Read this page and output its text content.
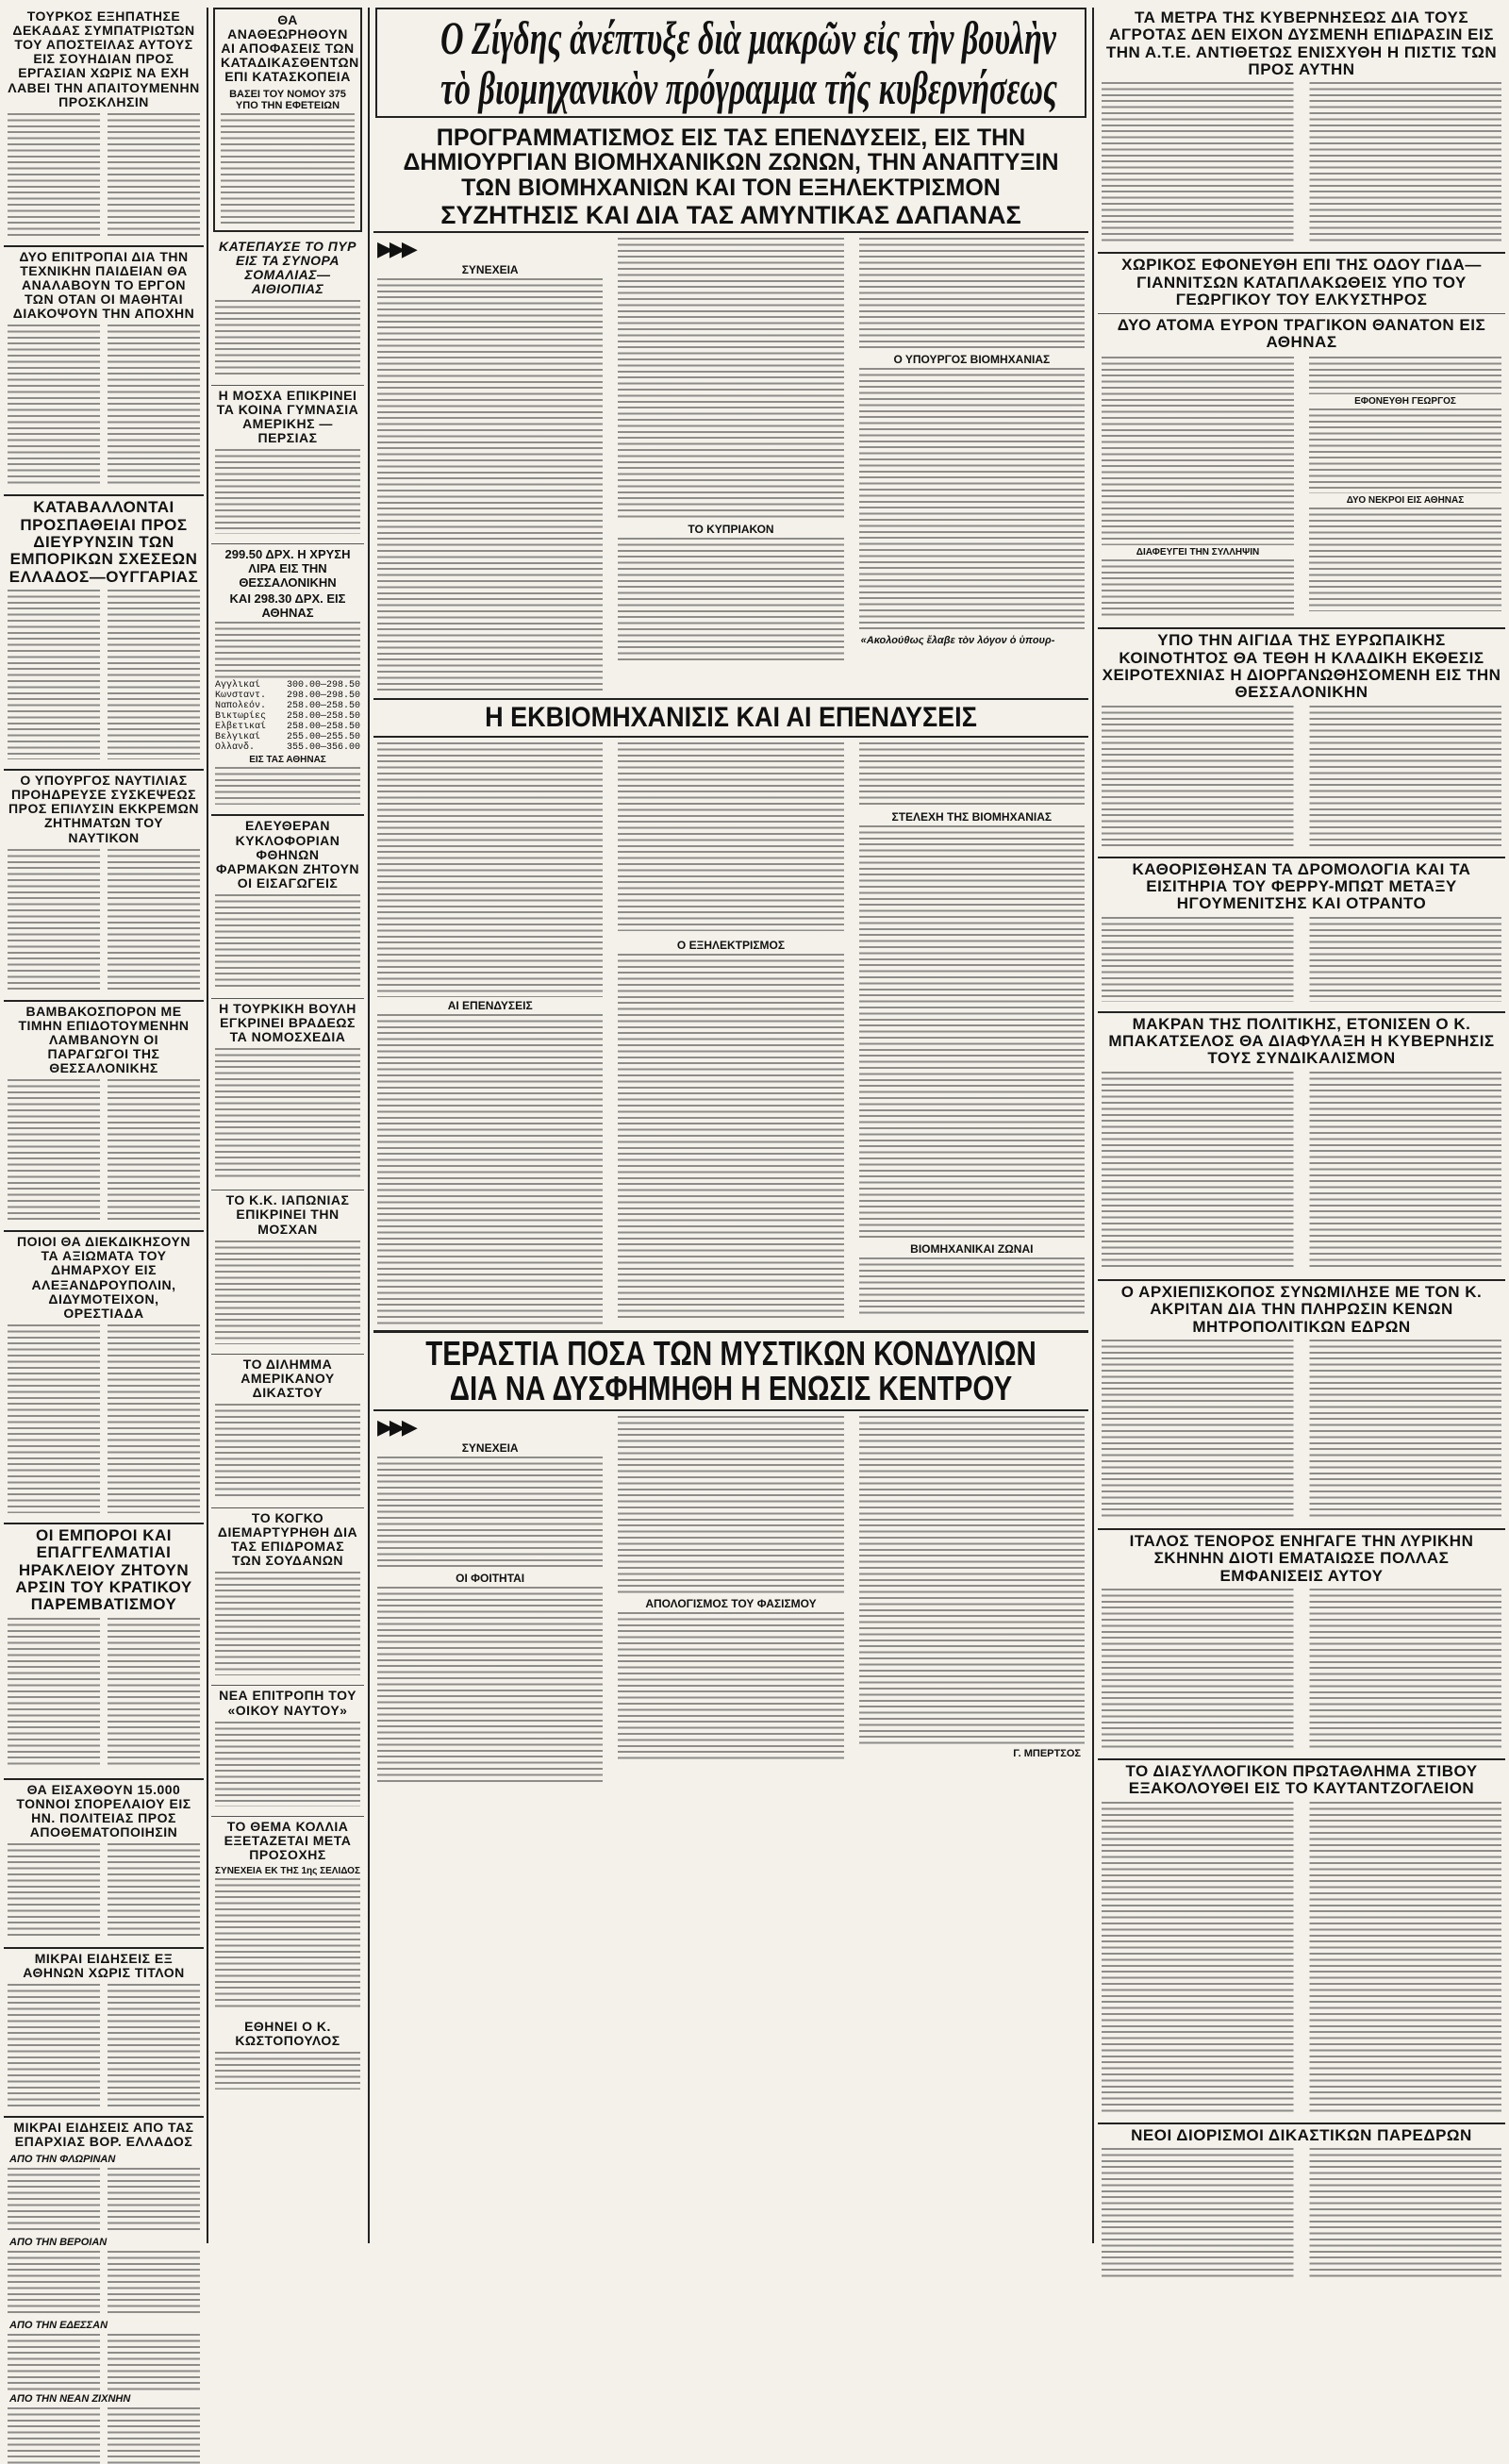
ΤΟΥΡΚΟΣ ΕΞΗΠΑΤΗΣΕ ΔΕΚΑΔΑΣ ΣΥΜΠΑΤΡΙΩΤΩΝ ΤΟΥ ΑΠΟΣΤΕΙΛΑΣ ΑΥΤΟΥΣ ΕΙΣ ΣΟΥΗΔΙΑΝ ΠΡΟΣ ΕΡΓΑΣΙΑΝ ΧΩΡΙΣ ΝΑ ΕΧΗ ΛΑΒΕΙ ΤΗΝ ΑΠΑΙΤΟΥΜΕΝΗΝ ΠΡΟΣΚΛΗΣΙΝ
ΔΥΟ ΕΠΙΤΡΟΠΑΙ ΔΙΑ ΤΗΝ ΤΕΧΝΙΚΗΝ ΠΑΙΔΕΙΑΝ ΘΑ ΑΝΑΛΑΒΟΥΝ ΤΟ ΕΡΓΟΝ ΤΩΝ ΟΤΑΝ ΟΙ ΜΑΘΗΤΑΙ ΔΙΑΚΟΨΟΥΝ ΤΗΝ ΑΠΟΧΗΝ
ΚΑΤΑΒΑΛΛΟΝΤΑΙ ΠΡΟΣΠΑΘΕΙΑΙ ΠΡΟΣ ΔΙΕΥΡΥΝΣΙΝ ΤΩΝ ΕΜΠΟΡΙΚΩΝ ΣΧΕΣΕΩΝ ΕΛΛΑΔΟΣ—ΟΥΓΓΑΡΙΑΣ
Ο ΥΠΟΥΡΓΟΣ ΝΑΥΤΙΛΙΑΣ ΠΡΟΗΔΡΕΥΣΕ ΣΥΣΚΕΨΕΩΣ ΠΡΟΣ ΕΠΙΛΥΣΙΝ ΕΚΚΡΕΜΩΝ ΖΗΤΗΜΑΤΩΝ ΤΟΥ ΝΑΥΤΙΚΟΝ
ΒΑΜΒΑΚΟΣΠΟΡΟΝ ΜΕ ΤΙΜΗΝ ΕΠΙΔΟΤΟΥΜΕΝΗΝ ΛΑΜΒΑΝΟΥΝ ΟΙ ΠΑΡΑΓΩΓΟΙ ΤΗΣ ΘΕΣΣΑΛΟΝΙΚΗΣ
ΠΟΙΟΙ ΘΑ ΔΙΕΚΔΙΚΗΣΟΥΝ ΤΑ ΑΞΙΩΜΑΤΑ ΤΟΥ ΔΗΜΑΡΧΟΥ ΕΙΣ ΑΛΕΞΑΝΔΡΟΥΠΟΛΙΝ, ΔΙΔΥΜΟΤΕΙΧΟΝ, ΟΡΕΣΤΙΑΔΑ
ΟΙ ΕΜΠΟΡΟΙ ΚΑΙ ΕΠΑΓΓΕΛΜΑΤΙΑΙ ΗΡΑΚΛΕΙΟΥ ΖΗΤΟΥΝ ΑΡΣΙΝ ΤΟΥ ΚΡΑΤΙΚΟΥ ΠΑΡΕΜΒΑΤΙΣΜΟΥ
ΘΑ ΕΙΣΑΧΘΟΥΝ 15.000 ΤΟΝΝΟΙ ΣΠΟΡΕΛΑΙΟΥ ΕΙΣ ΗΝ. ΠΟΛΙΤΕΙΑΣ ΠΡΟΣ ΑΠΟΘΕΜΑΤΟΠΟΙΗΣΙΝ
ΜΙΚΡΑΙ ΕΙΔΗΣΕΙΣ ΕΞ ΑΘΗΝΩΝ ΧΩΡΙΣ ΤΙΤΛΟΝ
ΜΙΚΡΑΙ ΕΙΔΗΣΕΙΣ ΑΠΟ ΤΑΣ ΕΠΑΡΧΙΑΣ ΒΟΡ. ΕΛΛΑΔΟΣ
ΑΠΟ ΤΗΝ ΦΛΩΡΙΝΑΝ
ΑΠΟ ΤΗΝ ΒΕΡΟΙΑΝ
ΑΠΟ ΤΗΝ ΕΔΕΣΣΑΝ
ΑΠΟ ΤΗΝ ΝΕΑΝ ΖΙΧΝΗΝ
ΘΑ ΑΝΑΘΕΩΡΗΘΟΥΝ ΑΙ ΑΠΟΦΑΣΕΙΣ ΤΩΝ ΚΑΤΑΔΙΚΑΣΘΕΝΤΩΝ ΕΠΙ ΚΑΤΑΣΚΟΠΕΙΑ
ΒΑΣΕΙ ΤΟΥ ΝΟΜΟΥ 375 ΥΠΟ ΤΗΝ ΕΦΕΤΕΙΩΝ
ΚΑΤΕΠΑΥΣΕ ΤΟ ΠΥΡ ΕΙΣ ΤΑ ΣΥΝΟΡΑ ΣΟΜΑΛΙΑΣ—ΑΙΘΙΟΠΙΑΣ
Η ΜΟΣΧΑ ΕΠΙΚΡΙΝΕΙ ΤΑ ΚΟΙΝΑ ΓΥΜΝΑΣΙΑ ΑΜΕΡΙΚΗΣ — ΠΕΡΣΙΑΣ
299.50 ΔΡΧ. Η ΧΡΥΣΗ ΛΙΡΑ ΕΙΣ ΤΗΝ ΘΕΣΣΑΛΟΝΙΚΗΝ
ΚΑΙ 298.30 ΔΡΧ. ΕΙΣ ΑΘΗΝΑΣ
Αγγλικαί	300.00—298.50
Κωνσταντ.	298.00—298.50
Ναπολεόν.	258.00—258.50
Βικτωρίες	258.00—258.50
Ελβετικαί	258.00—258.50
Βελγικαί	255.00—255.50
Ολλανδ.	355.00—356.00
ΕΙΣ ΤΑΣ ΑΘΗΝΑΣ
ΕΛΕΥΘΕΡΑΝ ΚΥΚΛΟΦΟΡΙΑΝ ΦΘΗΝΩΝ ΦΑΡΜΑΚΩΝ ΖΗΤΟΥΝ ΟΙ ΕΙΣΑΓΩΓΕΙΣ
Η ΤΟΥΡΚΙΚΗ ΒΟΥΛΗ ΕΓΚΡΙΝΕΙ ΒΡΑΔΕΩΣ ΤΑ ΝΟΜΟΣΧΕΔΙΑ
ΤΟ Κ.Κ. ΙΑΠΩΝΙΑΣ ΕΠΙΚΡΙΝΕΙ ΤΗΝ ΜΟΣΧΑΝ
ΤΟ ΔΙΛΗΜΜΑ ΑΜΕΡΙΚΑΝΟΥ ΔΙΚΑΣΤΟΥ
ΤΟ ΚΟΓΚΟ ΔΙΕΜΑΡΤΥΡΗΘΗ ΔΙΑ ΤΑΣ ΕΠΙΔΡΟΜΑΣ ΤΩΝ ΣΟΥΔΑΝΩΝ
ΝΕΑ ΕΠΙΤΡΟΠΗ ΤΟΥ «ΟΙΚΟΥ ΝΑΥΤΟΥ»
ΤΟ ΘΕΜΑ ΚΟΛΛΙΑ ΕΞΕΤΑΖΕΤΑΙ ΜΕΤΑ ΠΡΟΣΟΧΗΣ
ΣΥΝΕΧΕΙΑ ΕΚ ΤΗΣ 1ης ΣΕΛΙΔΟΣ
ΕΘΗΝΕΙ Ο Κ. ΚΩΣΤΟΠΟΥΛΟΣ
Ο Ζίγδης ἀνέπτυξε διὰ μακρῶν εἰς τὴν βουλὴν
τὸ βιομηχανικὸν πρόγραμμα τῆς κυβερνήσεως
ΠΡΟΓΡΑΜΜΑΤΙΣΜΟΣ ΕΙΣ ΤΑΣ ΕΠΕΝΔΥΣΕΙΣ, ΕΙΣ ΤΗΝ ΔΗΜΙΟΥΡΓΙΑΝ ΒΙΟΜΗΧΑΝΙΚΩΝ ΖΩΝΩΝ, ΤΗΝ ΑΝΑΠΤΥΞΙΝ ΤΩΝ ΒΙΟΜΗΧΑΝΙΩΝ ΚΑΙ ΤΟΝ ΕΞΗΛΕΚΤΡΙΣΜΟΝ
ΣΥΖΗΤΗΣΙΣ ΚΑΙ ΔΙΑ ΤΑΣ ΑΜΥΝΤΙΚΑΣ ΔΑΠΑΝΑΣ
▶▶▶
ΣΥΝΕΧΕΙΑ
ΤΟ ΚΥΠΡΙΑΚΟΝ
Ο ΥΠΟΥΡΓΟΣ ΒΙΟΜΗΧΑΝΙΑΣ
«Ακολούθως ἔλαβε τὸν λόγον ὁ ὑπουρ-
Η ΕΚΒΙΟΜΗΧΑΝΙΣΙΣ ΚΑΙ ΑΙ ΕΠΕΝΔΥΣΕΙΣ
ΑΙ ΕΠΕΝΔΥΣΕΙΣ
Ο ΕΞΗΛΕΚΤΡΙΣΜΟΣ
ΣΤΕΛΕΧΗ ΤΗΣ ΒΙΟΜΗΧΑΝΙΑΣ
ΒΙΟΜΗΧΑΝΙΚΑΙ ΖΩΝΑΙ
ΤΕΡΑΣΤΙΑ ΠΟΣΑ ΤΩΝ ΜΥΣΤΙΚΩΝ ΚΟΝΔΥΛΙΩΝ
ΔΙΑ ΝΑ ΔΥΣΦΗΜΗΘΗ Η ΕΝΩΣΙΣ ΚΕΝΤΡΟΥ
▶▶▶
ΣΥΝΕΧΕΙΑ
ΟΙ ΦΟΙΤΗΤΑΙ
ΑΠΟΛΟΓΙΣΜΟΣ ΤΟΥ ΦΑΣΙΣΜΟΥ
Γ. ΜΠΕΡΤΣΟΣ
ΤΑ ΜΕΤΡΑ ΤΗΣ ΚΥΒΕΡΝΗΣΕΩΣ ΔΙΑ ΤΟΥΣ ΑΓΡΟΤΑΣ ΔΕΝ ΕΙΧΟΝ ΔΥΣΜΕΝΗ ΕΠΙΔΡΑΣΙΝ ΕΙΣ ΤΗΝ Α.Τ.Ε. ΑΝΤΙΘΕΤΩΣ ΕΝΙΣΧΥΘΗ Η ΠΙΣΤΙΣ ΤΩΝ ΠΡΟΣ ΑΥΤΗΝ
ΧΩΡΙΚΟΣ ΕΦΟΝΕΥΘΗ ΕΠΙ ΤΗΣ ΟΔΟΥ ΓΙΔΑ—ΓΙΑΝΝΙΤΣΩΝ ΚΑΤΑΠΛΑΚΩΘΕΙΣ ΥΠΟ ΤΟΥ ΓΕΩΡΓΙΚΟΥ ΤΟΥ ΕΛΚΥΣΤΗΡΟΣ
ΔΥΟ ΑΤΟΜΑ ΕΥΡΟΝ ΤΡΑΓΙΚΟΝ ΘΑΝΑΤΟΝ ΕΙΣ ΑΘΗΝΑΣ
ΔΙΑΦΕΥΓΕΙ ΤΗΝ ΣΥΛΛΗΨΙΝ
ΕΦΟΝΕΥΘΗ ΓΕΩΡΓΟΣ
ΔΥΟ ΝΕΚΡΟΙ ΕΙΣ ΑΘΗΝΑΣ
ΥΠΟ ΤΗΝ ΑΙΓΙΔΑ ΤΗΣ ΕΥΡΩΠΑΙΚΗΣ ΚΟΙΝΟΤΗΤΟΣ ΘΑ ΤΕΘΗ Η ΚΛΑΔΙΚΗ ΕΚΘΕΣΙΣ ΧΕΙΡΟΤΕΧΝΙΑΣ Η ΔΙΟΡΓΑΝΩΘΗΣΟΜΕΝΗ ΕΙΣ ΤΗΝ ΘΕΣΣΑΛΟΝΙΚΗΝ
ΚΑΘΟΡΙΣΘΗΣΑΝ ΤΑ ΔΡΟΜΟΛΟΓΙΑ ΚΑΙ ΤΑ ΕΙΣΙΤΗΡΙΑ ΤΟΥ ΦΕΡΡΥ-ΜΠΩΤ ΜΕΤΑΞΥ ΗΓΟΥΜΕΝΙΤΣΗΣ ΚΑΙ ΟΤΡΑΝΤΟ
ΜΑΚΡΑΝ ΤΗΣ ΠΟΛΙΤΙΚΗΣ, ΕΤΟΝΙΣΕΝ Ο Κ. ΜΠΑΚΑΤΣΕΛΟΣ ΘΑ ΔΙΑΦΥΛΑΞΗ Η ΚΥΒΕΡΝΗΣΙΣ ΤΟΥΣ ΣΥΝΔΙΚΑΛΙΣΜΟΝ
Ο ΑΡΧΙΕΠΙΣΚΟΠΟΣ ΣΥΝΩΜΙΛΗΣΕ ΜΕ ΤΟΝ Κ. ΑΚΡΙΤΑΝ ΔΙΑ ΤΗΝ ΠΛΗΡΩΣΙΝ ΚΕΝΩΝ ΜΗΤΡΟΠΟΛΙΤΙΚΩΝ ΕΔΡΩΝ
ΙΤΑΛΟΣ ΤΕΝΟΡΟΣ ΕΝΗΓΑΓΕ ΤΗΝ ΛΥΡΙΚΗΝ ΣΚΗΝΗΝ ΔΙΟΤΙ ΕΜΑΤΑΙΩΣΕ ΠΟΛΛΑΣ ΕΜΦΑΝΙΣΕΙΣ ΑΥΤΟΥ
ΤΟ ΔΙΑΣΥΛΛΟΓΙΚΟΝ ΠΡΩΤΑΘΛΗΜΑ ΣΤΙΒΟΥ ΕΞΑΚΟΛΟΥΘΕΙ ΕΙΣ ΤΟ ΚΑΥΤΑΝΤΖΟΓΛΕΙΟΝ
ΝΕΟΙ ΔΙΟΡΙΣΜΟΙ ΔΙΚΑΣΤΙΚΩΝ ΠΑΡΕΔΡΩΝ
